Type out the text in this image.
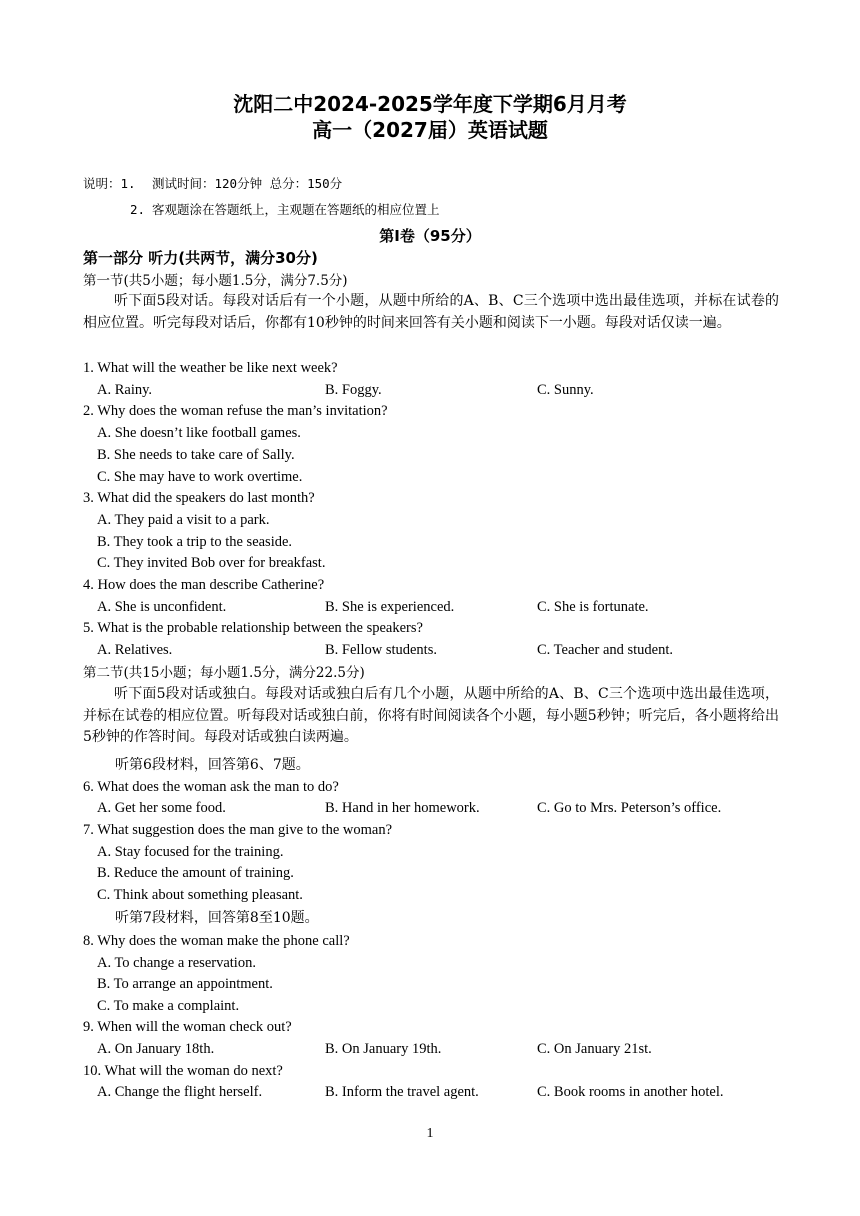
沈阳二中2024-2025学年度下学期6月月考
高一（2027届）英语试题
说明：1. 测试时间：120分钟 总分：150分
2. 客观题涂在答题纸上，主观题在答题纸的相应位置上
第I卷（95分）
第一部分 听力(共两节，满分30分)
第一节(共5小题；每小题1.5分，满分7.5分)
听下面5段对话。每段对话后有一个小题，从题中所给的A、B、C三个选项中选出最佳选项，并标在试卷的相应位置。听完每段对话后，你都有10秒钟的时间来回答有关小题和阅读下一小题。每段对话仅读一遍。
1. What will the weather be like next week?
A. Rainy.	B. Foggy.	C. Sunny.
2. Why does the woman refuse the man’s invitation?
A. She doesn’t like football games.
B. She needs to take care of Sally.
C. She may have to work overtime.
3. What did the speakers do last month?
A. They paid a visit to a park.
B. They took a trip to the seaside.
C. They invited Bob over for breakfast.
4. How does the man describe Catherine?
A. She is unconfident.	B. She is experienced.	C. She is fortunate.
5. What is the probable relationship between the speakers?
A. Relatives.	B. Fellow students.	C. Teacher and student.
第二节(共15小题；每小题1.5分，满分22.5分)
听下面5段对话或独白。每段对话或独白后有几个小题，从题中所给的A、B、C三个选项中选出最佳选项，并标在试卷的相应位置。听每段对话或独白前，你将有时间阅读各个小题，每小题5秒钟；听完后，各小题将给出5秒钟的作答时间。每段对话或独白读两遍。
听第6段材料，回答第6、7题。
6. What does the woman ask the man to do?
A. Get her some food.	B. Hand in her homework.	C. Go to Mrs. Peterson’s office.
7. What suggestion does the man give to the woman?
A. Stay focused for the training.
B. Reduce the amount of training.
C. Think about something pleasant.
听第7段材料，回答第8至10题。
8. Why does the woman make the phone call?
A. To change a reservation.
B. To arrange an appointment.
C. To make a complaint.
9. When will the woman check out?
A. On January 18th.	B. On January 19th.	C. On January 21st.
10. What will the woman do next?
A. Change the flight herself.	B. Inform the travel agent.	C. Book rooms in another hotel.
1
